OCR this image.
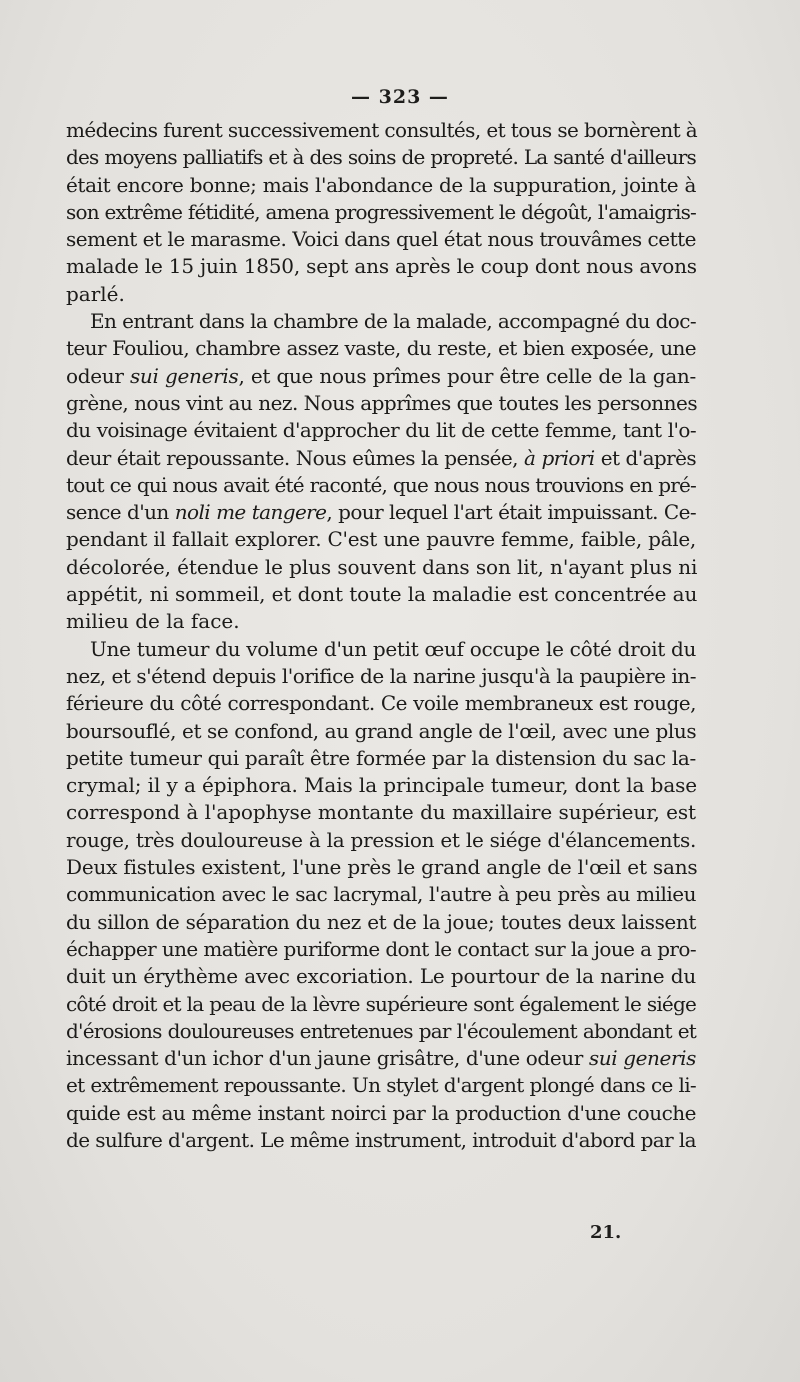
— 323 —
médecins furent successivement consultés, et tous se bornèrent à
des moyens palliatifs et à des soins de propreté. La santé d'ailleurs
était encore bonne; mais l'abondance de la suppuration, jointe à
son extrême fétidité, amena progressivement le dégoût, l'amaigris-
sement et le marasme. Voici dans quel état nous trouvâmes cette
malade le 15 juin 1850, sept ans après le coup dont nous avons
parlé.
En entrant dans la chambre de la malade, accompagné du doc-
teur Fouliou, chambre assez vaste, du reste, et bien exposée, une
odeur sui generis, et que nous prîmes pour être celle de la gan-
grène, nous vint au nez. Nous apprîmes que toutes les personnes
du voisinage évitaient d'approcher du lit de cette femme, tant l'o-
deur était repoussante. Nous eûmes la pensée, à priori et d'après
tout ce qui nous avait été raconté, que nous nous trouvions en pré-
sence d'un noli me tangere, pour lequel l'art était impuissant. Ce-
pendant il fallait explorer. C'est une pauvre femme, faible, pâle,
décolorée, étendue le plus souvent dans son lit, n'ayant plus ni
appétit, ni sommeil, et dont toute la maladie est concentrée au
milieu de la face.
Une tumeur du volume d'un petit œuf occupe le côté droit du
nez, et s'étend depuis l'orifice de la narine jusqu'à la paupière in-
férieure du côté correspondant. Ce voile membraneux est rouge,
boursouflé, et se confond, au grand angle de l'œil, avec une plus
petite tumeur qui paraît être formée par la distension du sac la-
crymal; il y a épiphora. Mais la principale tumeur, dont la base
correspond à l'apophyse montante du maxillaire supérieur, est
rouge, très douloureuse à la pression et le siége d'élancements.
Deux fistules existent, l'une près le grand angle de l'œil et sans
communication avec le sac lacrymal, l'autre à peu près au milieu
du sillon de séparation du nez et de la joue; toutes deux laissent
échapper une matière puriforme dont le contact sur la joue a pro-
duit un érythème avec excoriation. Le pourtour de la narine du
côté droit et la peau de la lèvre supérieure sont également le siége
d'érosions douloureuses entretenues par l'écoulement abondant et
incessant d'un ichor d'un jaune grisâtre, d'une odeur sui generis
et extrêmement repoussante. Un stylet d'argent plongé dans ce li-
quide est au même instant noirci par la production d'une couche
de sulfure d'argent. Le même instrument, introduit d'abord par la
21.
